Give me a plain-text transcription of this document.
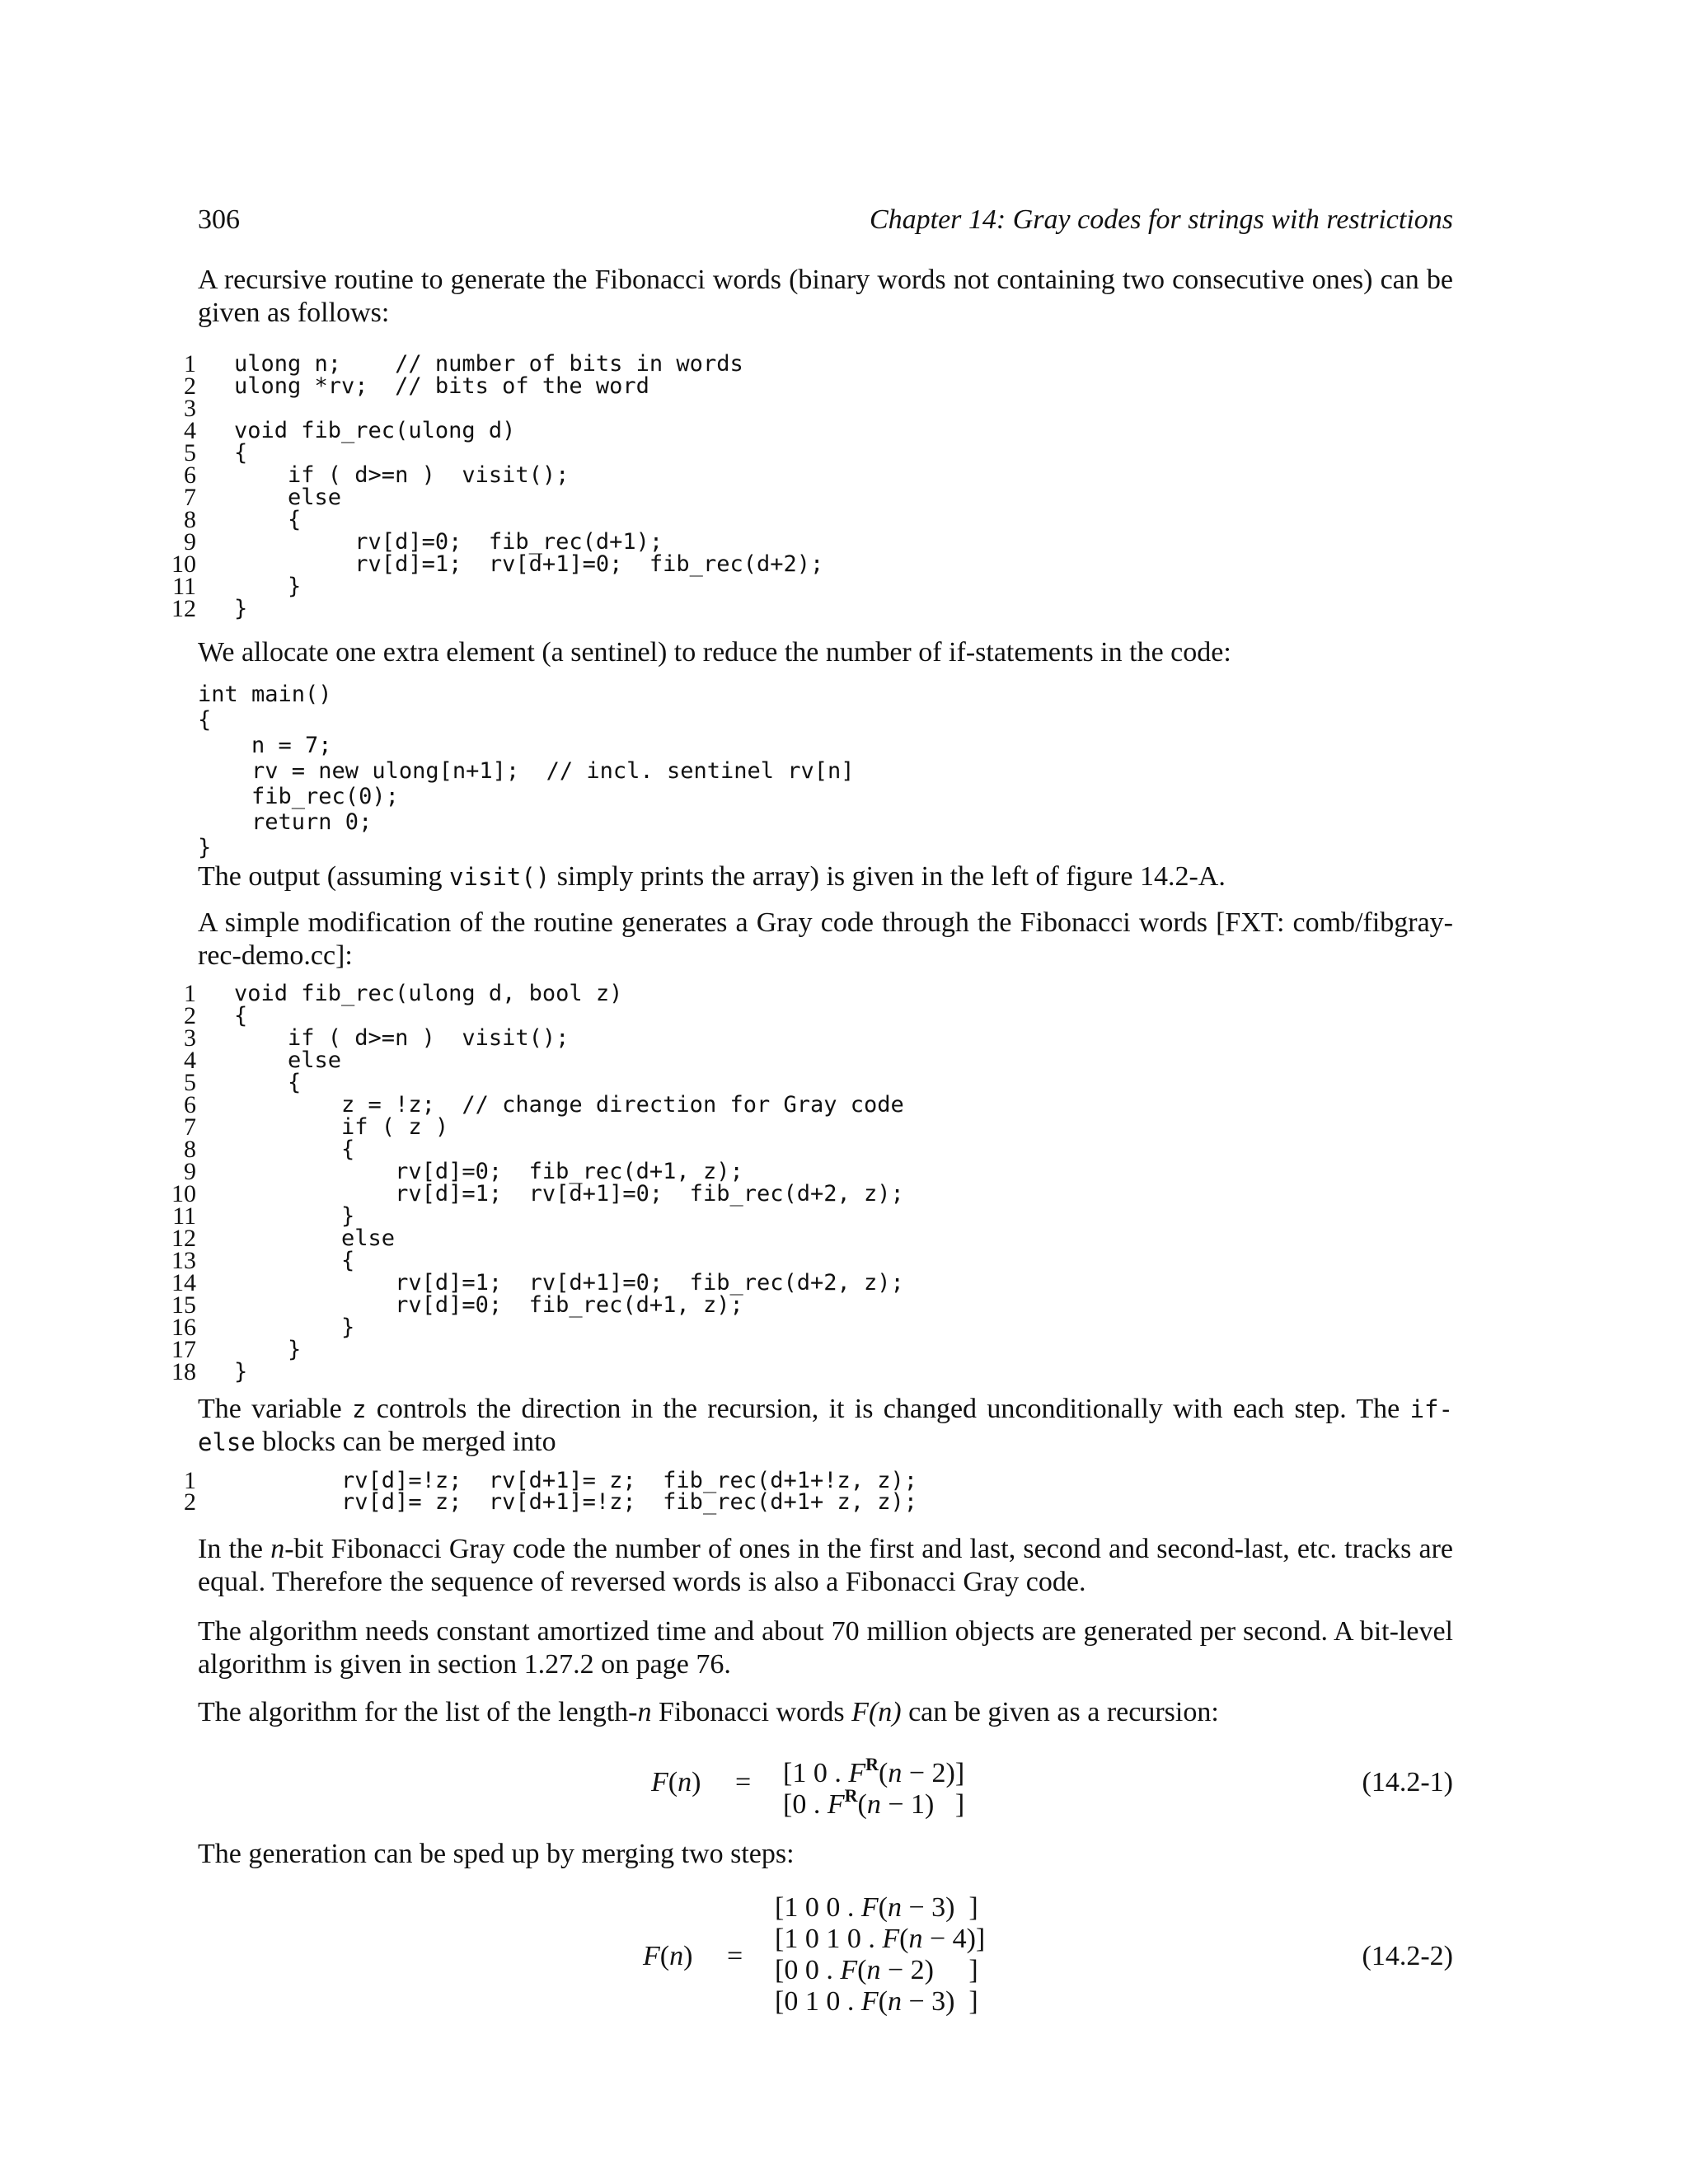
306	Chapter 14: Gray codes for strings with restrictions

A recursive routine to generate the Fibonacci words (binary words not containing two consecutive ones) can be given as follows:

1 ulong n;    // number of bits in words
2 ulong *rv;  // bits of the word
3
4 void fib_rec(ulong d)
5 {
6 if ( d>=n )  visit();
7 else
8 {
9 rv[d]=0;  fib_rec(d+1);
10 rv[d]=1;  rv[d+1]=0;  fib_rec(d+2);
11 }
12 }

We allocate one extra element (a sentinel) to reduce the number of if-statements in the code:

int main()
{
n = 7;
rv = new ulong[n+1];  // incl. sentinel rv[n]
fib_rec(0);
return 0;
}

The output (assuming visit() simply prints the array) is given in the left of figure 14.2-A.

A simple modification of the routine generates a Gray code through the Fibonacci words [FXT: comb/fibgray-rec-demo.cc]:

1 void fib_rec(ulong d, bool z)
2 {
3 if ( d>=n )  visit();
4 else
5 {
6 z = !z;  // change direction for Gray code
7 if ( z )
8 {
9 rv[d]=0;  fib_rec(d+1, z);
10 rv[d]=1;  rv[d+1]=0;  fib_rec(d+2, z);
11 }
12 else
13 {
14 rv[d]=1;  rv[d+1]=0;  fib_rec(d+2, z);
15 rv[d]=0;  fib_rec(d+1, z);
16 }
17 }
18 }

The variable z controls the direction in the recursion, it is changed unconditionally with each step. The if-else blocks can be merged into

1 rv[d]=!z;  rv[d+1]= z;  fib_rec(d+1+!z, z);
2 rv[d]= z;  rv[d+1]=!z;  fib_rec(d+1+ z, z);

In the n-bit Fibonacci Gray code the number of ones in the first and last, second and second-last, etc. tracks are equal. Therefore the sequence of reversed words is also a Fibonacci Gray code.

The algorithm needs constant amortized time and about 70 million objects are generated per second. A bit-level algorithm is given in section 1.27.2 on page 76.

The algorithm for the list of the length-n Fibonacci words F(n) can be given as a recursion:

F(n) = [1 0 . $F^R(n - 2)$]
[0 . $F^R(n - 1)$   ]
(14.2-1)

The generation can be sped up by merging two steps:

F(n) =
[1 0 0 . F(n − 3)  ]
[1 0 1 0 . F(n − 4)]
[0 0 . F(n − 2)     ]
[0 1 0 . F(n − 3)  ]
(14.2-2)
